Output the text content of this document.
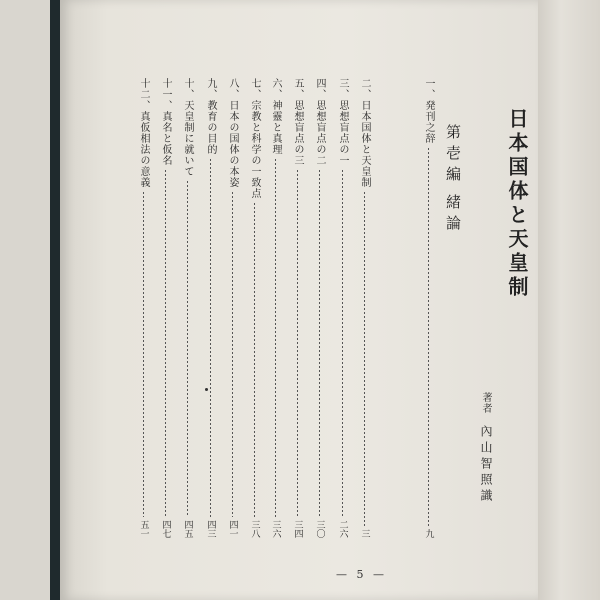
日本国体と天皇制
著者
內山智照識
第壱編
緒論
一、発刊之辞
九
二、日本国体と天皇制
三
三、思想盲点の一
二六
四、思想盲点の二
三〇
五、思想盲点の三
三四
六、神靈と真理
三六
七、宗教と科学の一致点
三八
八、日本の国体の本姿
四一
九、教育の目的
四三
十、天皇制に就いて
四五
十一、真名と仮名
四七
十二、真仮相法の意義
五一
— 5 —
